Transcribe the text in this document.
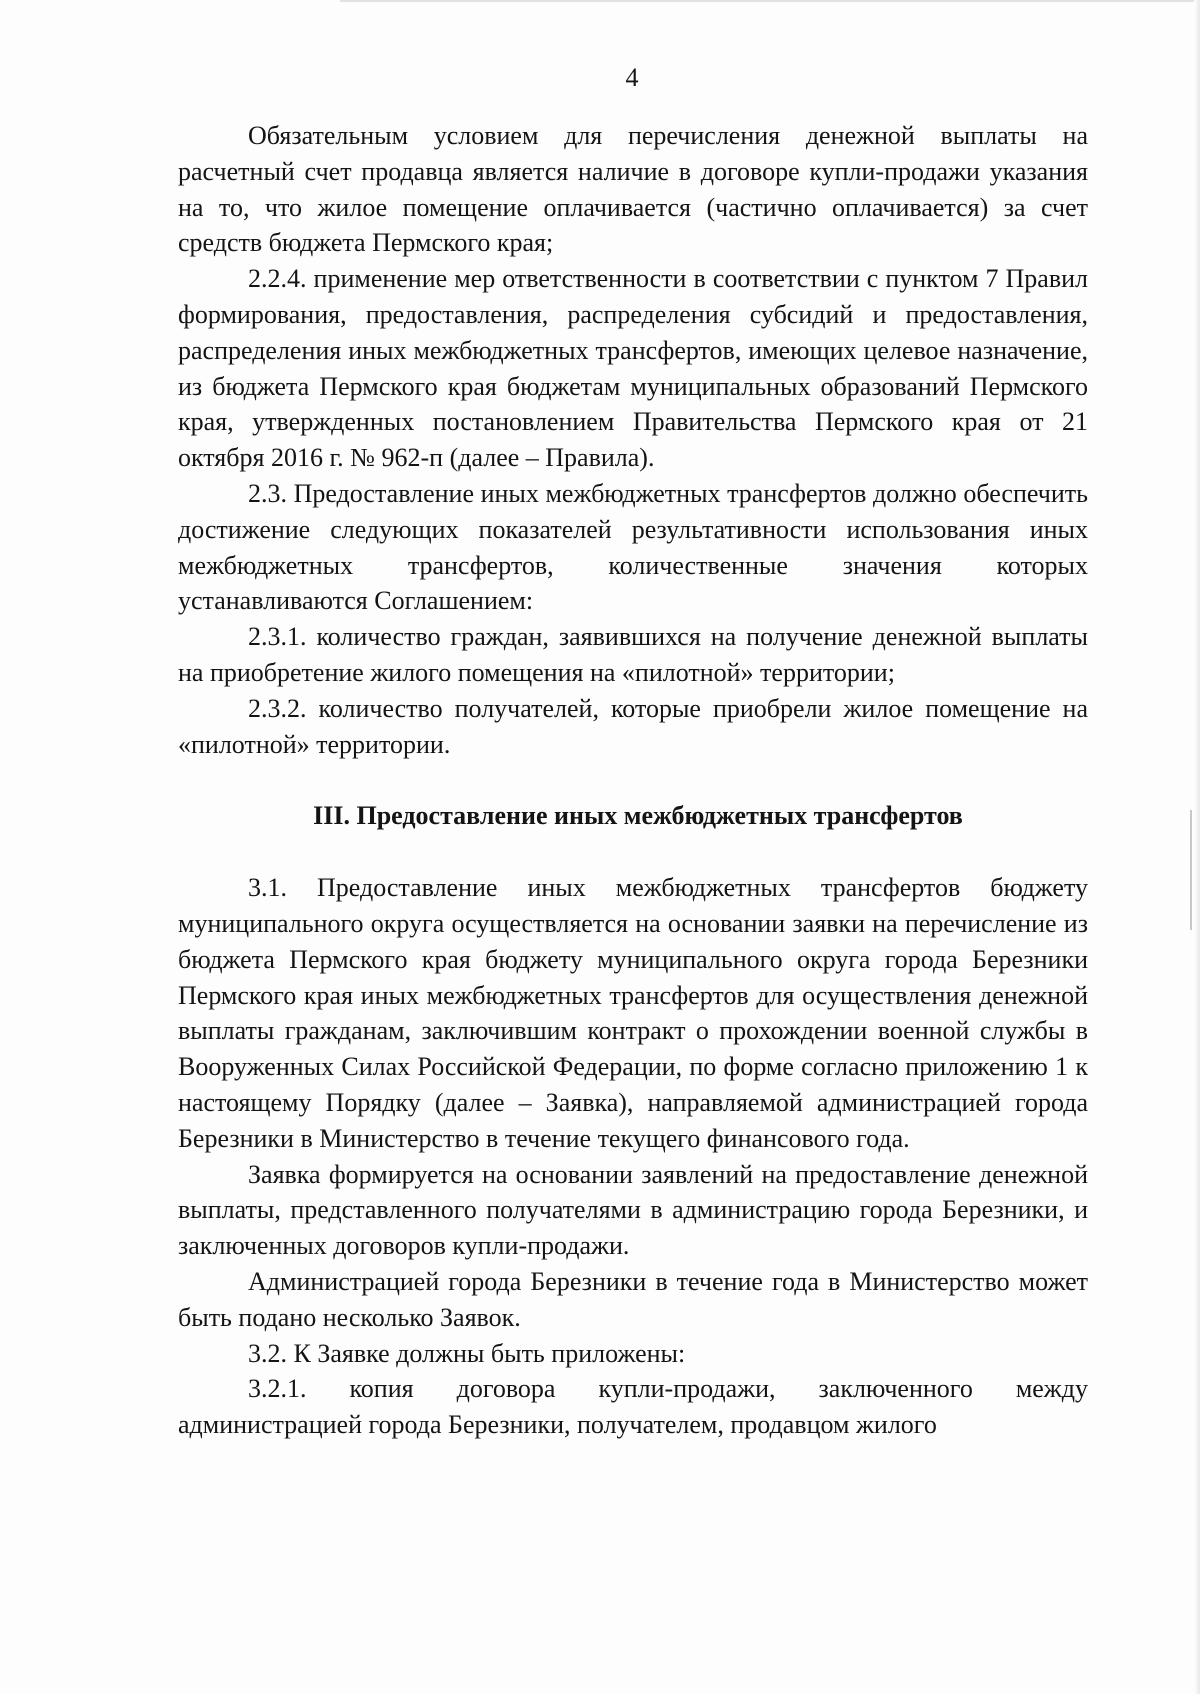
4

Обязательным условием для перечисления денежной выплаты на расчетный счет продавца является наличие в договоре купли-продажи указания на то, что жилое помещение оплачивается (частично оплачивается) за счет средств бюджета Пермского края;

2.2.4. применение мер ответственности в соответствии с пунктом 7 Правил формирования, предоставления, распределения субсидий и предоставления, распределения иных межбюджетных трансфертов, имеющих целевое назначение, из бюджета Пермского края бюджетам муниципальных образований Пермского края, утвержденных постановлением Правительства Пермского края от 21 октября 2016 г. № 962-п (далее – Правила).

2.3. Предоставление иных межбюджетных трансфертов должно обеспечить достижение следующих показателей результативности использования иных межбюджетных трансфертов, количественные значения которых устанавливаются Соглашением:

2.3.1. количество граждан, заявившихся на получение денежной выплаты на приобретение жилого помещения на «пилотной» территории;

2.3.2. количество получателей, которые приобрели жилое помещение на «пилотной» территории.

III. Предоставление иных межбюджетных трансфертов

3.1. Предоставление иных межбюджетных трансфертов бюджету муниципального округа осуществляется на основании заявки на перечисление из бюджета Пермского края бюджету муниципального округа города Березники Пермского края иных межбюджетных трансфертов для осуществления денежной выплаты гражданам, заключившим контракт о прохождении военной службы в Вооруженных Силах Российской Федерации, по форме согласно приложению 1 к настоящему Порядку (далее – Заявка), направляемой администрацией города Березники в Министерство в течение текущего финансового года.

Заявка формируется на основании заявлений на предоставление денежной выплаты, представленного получателями в администрацию города Березники, и заключенных договоров купли-продажи.

Администрацией города Березники в течение года в Министерство может быть подано несколько Заявок.

3.2. К Заявке должны быть приложены:

3.2.1. копия договора купли-продажи, заключенного между администрацией города Березники, получателем, продавцом жилого
